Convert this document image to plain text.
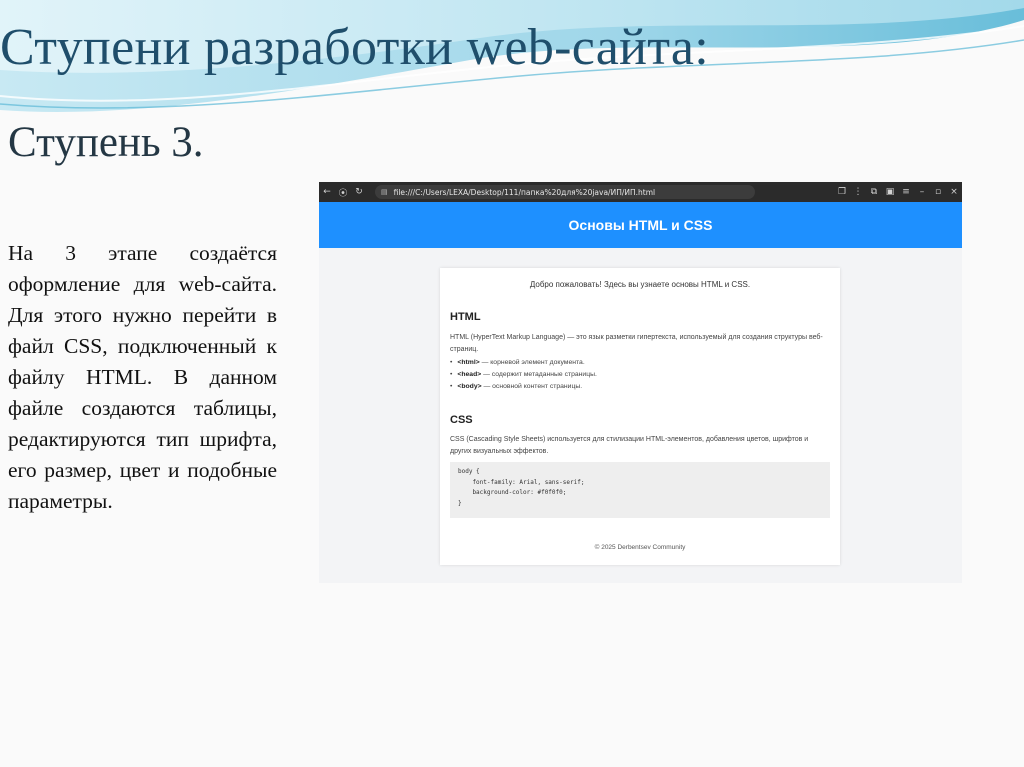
Ступени разработки web-сайта:
Ступень 3.

На 3 этапе создаётся оформление для web-сайта. Для этого нужно перейти в файл CSS, подключенный к файлу HTML. В данном файле создаются таблицы, редактируются тип шрифта, его размер, цвет и подобные параметры.

← ⦿ ↻	▤ file:///C:/Users/LEXA/Desktop/111/папка%20для%20java/ИП/ИП.html	❐ ⋮ ⧉ ▣ ≡	–	▫	×
Основы HTML и CSS
Добро пожаловать! Здесь вы узнаете основы HTML и CSS.
HTML

HTML (HyperText Markup Language) — это язык разметки гипертекста, используемый для создания структуры веб-страниц.

• <html> — корневой элемент документа.
• <head> — содержит метаданные страницы.
• <body> — основной контент страницы.
CSS

CSS (Cascading Style Sheets) используется для стилизации HTML-элементов, добавления цветов, шрифтов и других визуальных эффектов.

body {
font-family: Arial, sans-serif;
background-color: #f0f0f0;
}
© 2025 Derbentsev Community
